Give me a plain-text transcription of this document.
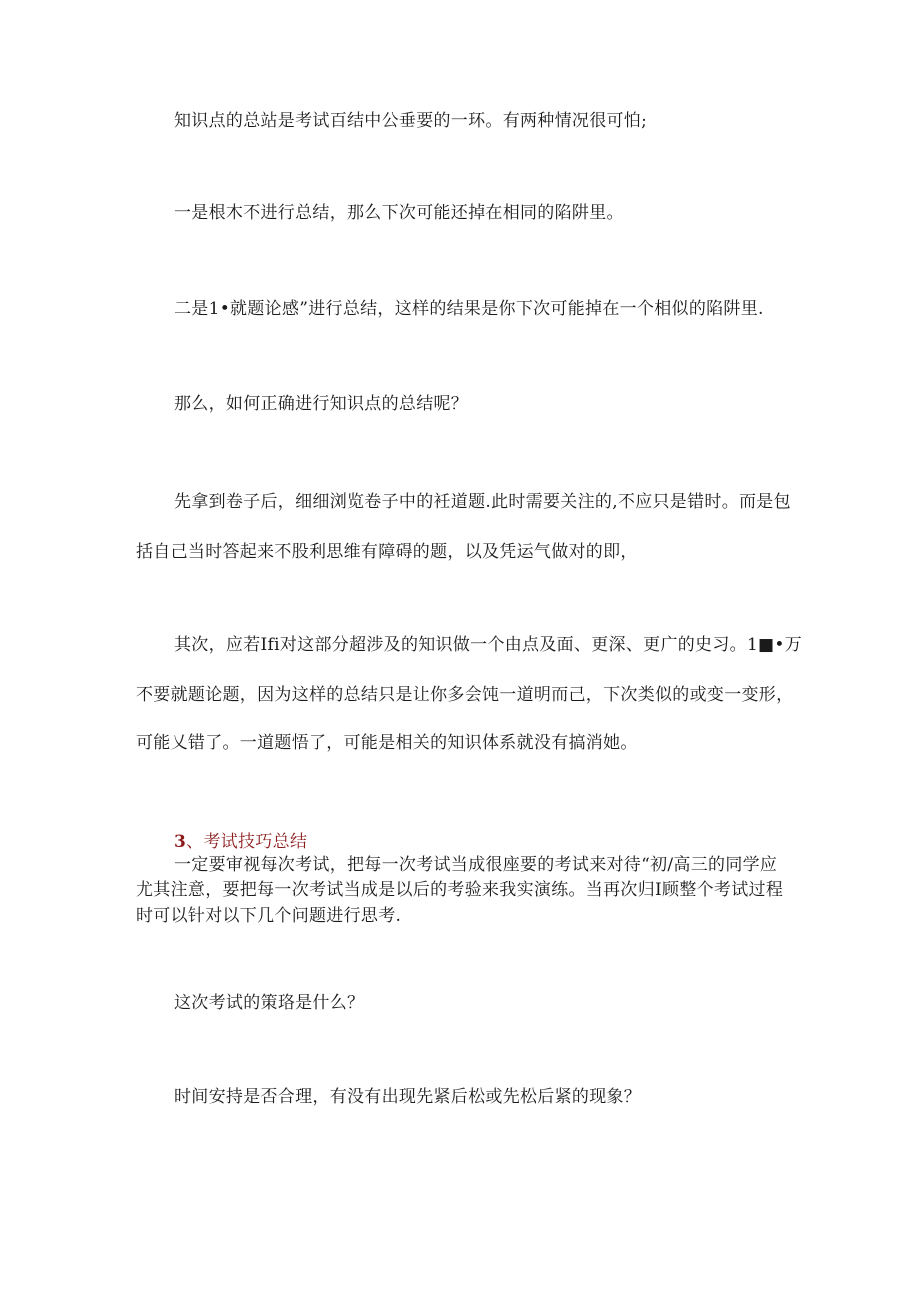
知识点的总站是考试百结中公垂要的一环。有两种情况很可怕;
一是根木不进行总结，那么下次可能还掉在相同的陷阱里。
二是1•就题论感”进行总结，这样的结果是你下次可能掉在一个相似的陷阱里.
那么，如何正确进行知识点的总结呢？
先拿到卷子后，细细浏览卷子中的衽道题.此时需要关注的,不应只是错时。而是包
括自己当时答起来不股利思维有障碍的题，以及凭运气做对的即，
其次，应若Ifi对这部分超涉及的知识做一个由点及面、更深、更广的史习。1■•万
不要就题论题，因为这样的总结只是让你多会饨一道明而己，下次类似的或变一变形，
可能乂错了。一道题悟了，可能是相关的知识体系就没有搞消她。
3、考试技巧总结
一定要审视每次考试，把每一次考试当成很座要的考试来对待“初/高三的同学应
尤其注意，要把每一次考试当成是以后的考验来我实演练。当再次归I顾整个考试过程
时可以针对以下几个问题进行思考.
这次考试的策珞是什么？
时间安持是否合理，有没有出现先紧后松或先松后紧的现象？
